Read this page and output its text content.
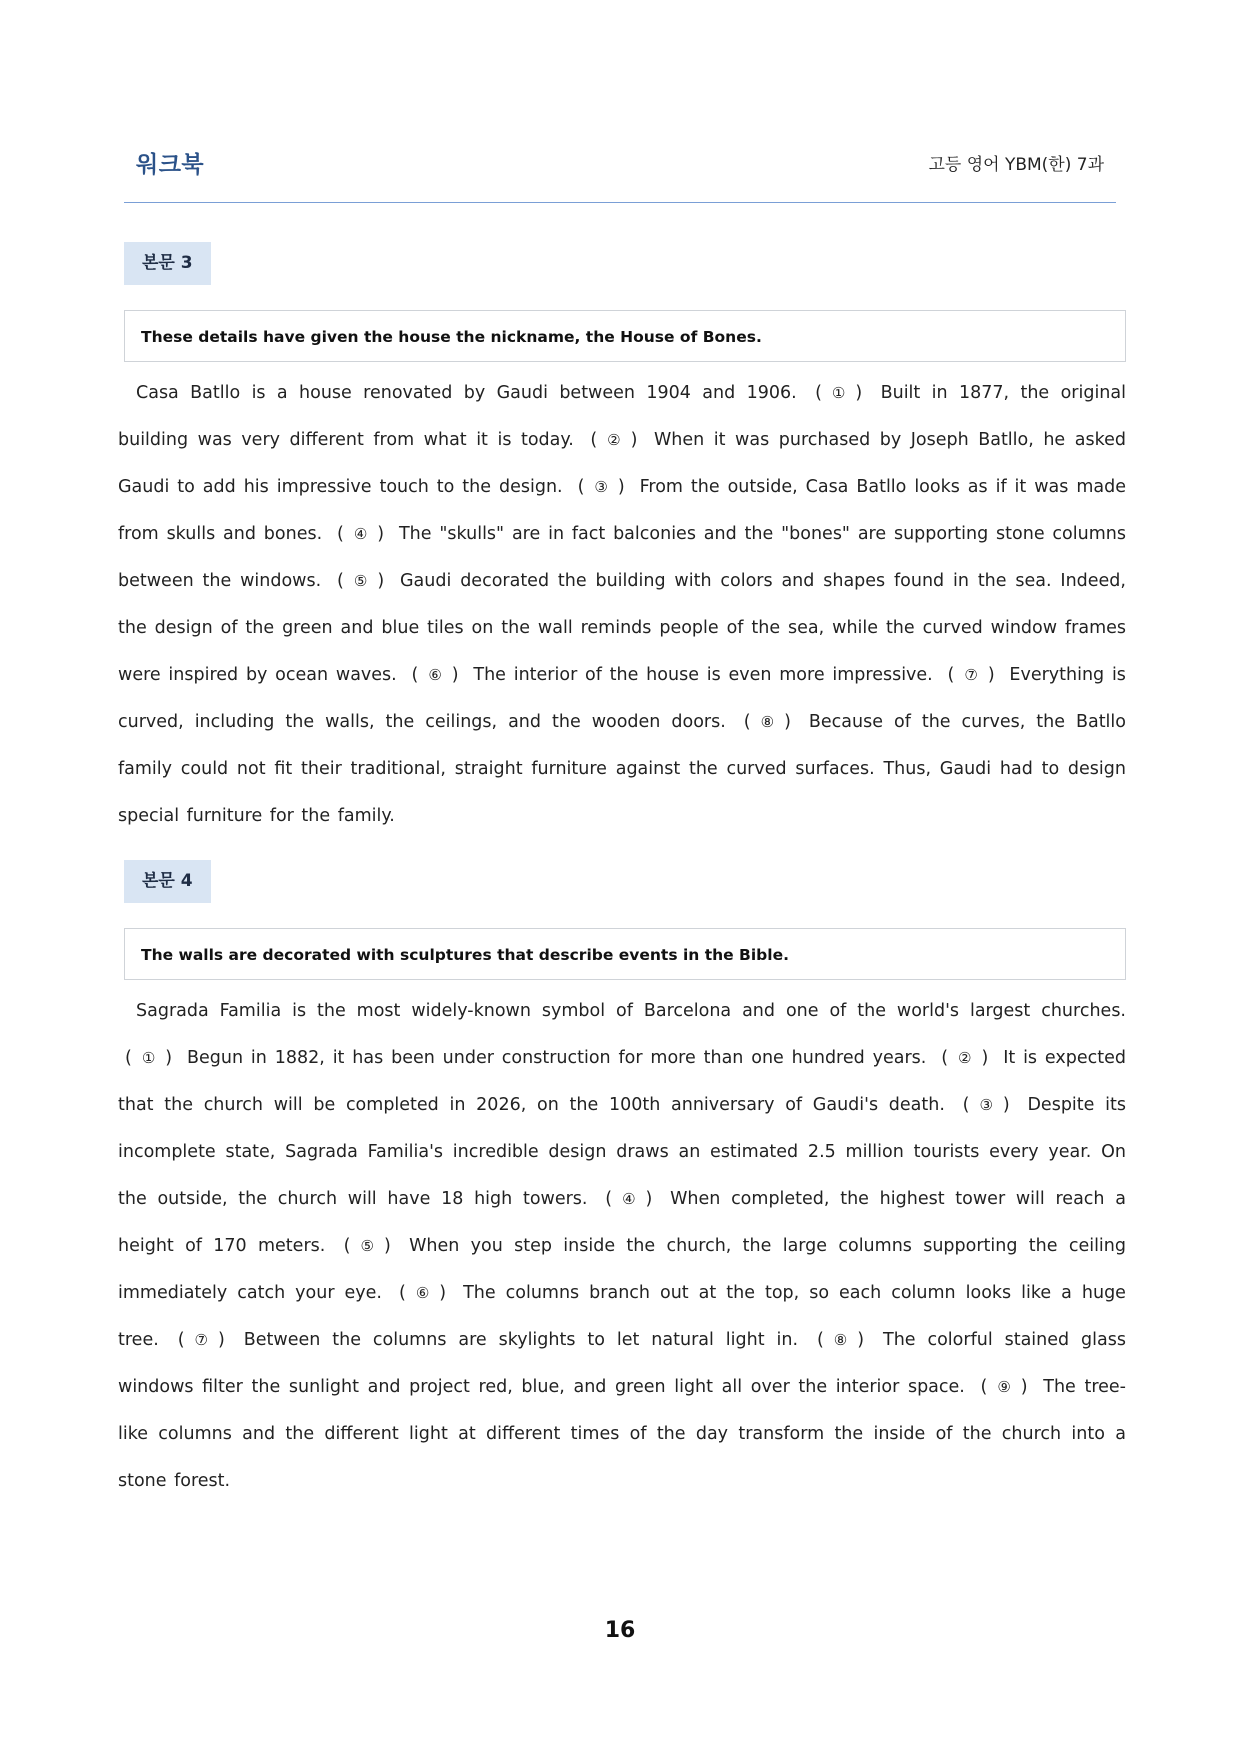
워크북	고등 영어 YBM(한) 7과
본문 3
These details have given the house the nickname, the House of Bones.
Casa Batllo is a house renovated by Gaudi between 1904 and 1906. ( ① ) Built in 1877, the original building was very different from what it is today. ( ② ) When it was purchased by Joseph Batllo, he asked Gaudi to add his impressive touch to the design. ( ③ ) From the outside, Casa Batllo looks as if it was made from skulls and bones. ( ④ ) The "skulls" are in fact balconies and the "bones" are supporting stone columns between the windows. ( ⑤ ) Gaudi decorated the building with colors and shapes found in the sea. Indeed, the design of the green and blue tiles on the wall reminds people of the sea, while the curved window frames were inspired by ocean waves. ( ⑥ ) The interior of the house is even more impressive. ( ⑦ ) Everything is curved, including the walls, the ceilings, and the wooden doors. ( ⑧ ) Because of the curves, the Batllo family could not fit their traditional, straight furniture against the curved surfaces. Thus, Gaudi had to design special furniture for the family.
본문 4
The walls are decorated with sculptures that describe events in the Bible.
Sagrada Familia is the most widely-known symbol of Barcelona and one of the world's largest churches. ( ① ) Begun in 1882, it has been under construction for more than one hundred years. ( ② ) It is expected that the church will be completed in 2026, on the 100th anniversary of Gaudi's death. ( ③ ) Despite its incomplete state, Sagrada Familia's incredible design draws an estimated 2.5 million tourists every year. On the outside, the church will have 18 high towers. ( ④ ) When completed, the highest tower will reach a height of 170 meters. ( ⑤ ) When you step inside the church, the large columns supporting the ceiling immediately catch your eye. ( ⑥ ) The columns branch out at the top, so each column looks like a huge tree. ( ⑦ ) Between the columns are skylights to let natural light in. ( ⑧ ) The colorful stained glass windows filter the sunlight and project red, blue, and green light all over the interior space. ( ⑨ ) The tree-like columns and the different light at different times of the day transform the inside of the church into a stone forest.
16
